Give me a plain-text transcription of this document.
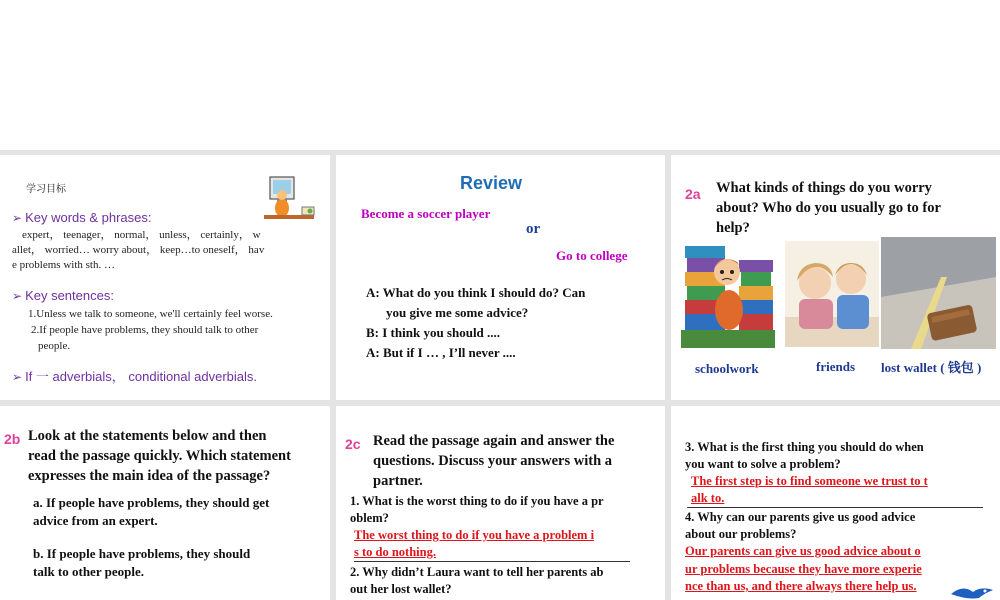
学习目标
➢ Key words & phrases:
expert， teenager， normal， unless， certainly， w
allet， worried… worry about， keep…to oneself， hav
e problems with sth. …
➢ Key sentences:
1.Unless we talk to someone, we'll certainly feel worse.
2.If people have problems, they should talk to other
people.
➢ If 一 adverbials， conditional adverbials.
Review
Become a soccer player
or
Go to college
A: What do you think I should do? Can
you give me some advice?
B: I think you should ....
A: But if I … , I’ll never ....
2a What kinds of things do you worry
about? Who do you usually go to for
help?
schoolwork	friends lost wallet ( 钱包 )
2b Look at the statements below and then
read the passage quickly. Which statement
expresses the main idea of the passage?
a. If people have problems, they should get
advice from an expert.
b. If people have problems, they should
talk to other people.
2c Read the passage again and answer the
questions. Discuss your answers with a
partner.
1. What is the worst thing to do if you have a pr
oblem?
The worst thing to do if you have a problem i
s to do nothing.
2. Why didn’t Laura want to tell her parents ab
out her lost wallet?
3. What is the first thing you should do when
you want to solve a problem?
The first step is to find someone we trust to t
alk to.
4. Why can our parents give us good advice
about our problems?
Our parents can give us good advice about o
ur problems because they have more experie
nce than us, and there always there help us.
